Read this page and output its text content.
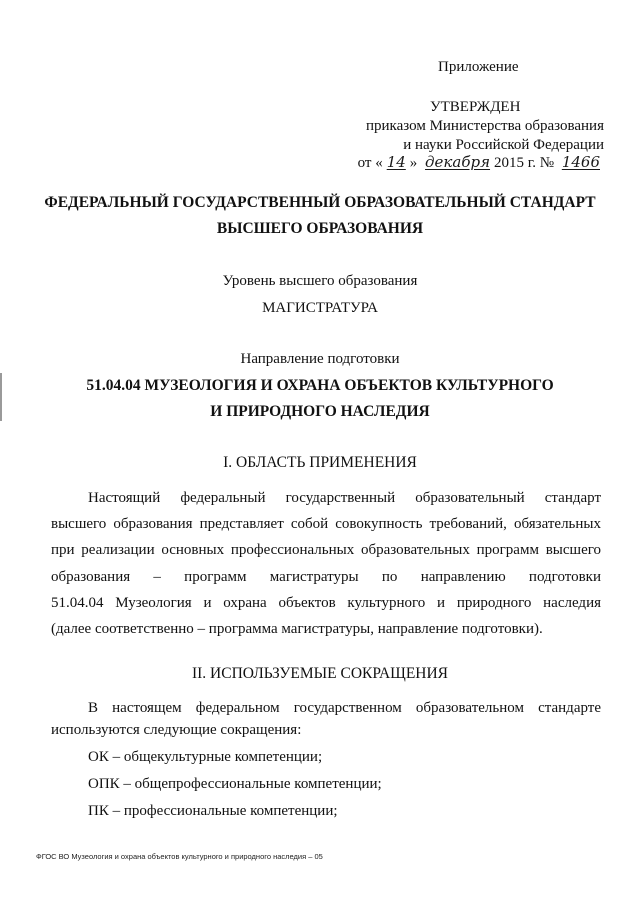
Приложение
УТВЕРЖДЕН
приказом Министерства образования
и науки Российской Федерации
от « 14 » декабря 2015 г. № 1466
ФЕДЕРАЛЬНЫЙ ГОСУДАРСТВЕННЫЙ ОБРАЗОВАТЕЛЬНЫЙ СТАНДАРТ
ВЫСШЕГО ОБРАЗОВАНИЯ
Уровень высшего образования
МАГИСТРАТУРА
Направление подготовки
51.04.04 МУЗЕОЛОГИЯ И ОХРАНА ОБЪЕКТОВ КУЛЬТУРНОГО
И ПРИРОДНОГО НАСЛЕДИЯ
I. ОБЛАСТЬ ПРИМЕНЕНИЯ
Настоящий федеральный государственный образовательный стандарт
высшего образования представляет собой совокупность требований, обязательных
при реализации основных профессиональных образовательных программ высшего
образования – программ магистратуры по направлению подготовки
51.04.04 Музеология и охрана объектов культурного и природного наследия
(далее соответственно – программа магистратуры, направление подготовки).
II. ИСПОЛЬЗУЕМЫЕ СОКРАЩЕНИЯ
В настоящем федеральном государственном образовательном стандарте
используются следующие сокращения:
ОК – общекультурные компетенции;
ОПК – общепрофессиональные компетенции;
ПК – профессиональные компетенции;
ФГОС ВО Музеология и охрана объектов культурного и природного наследия – 05
